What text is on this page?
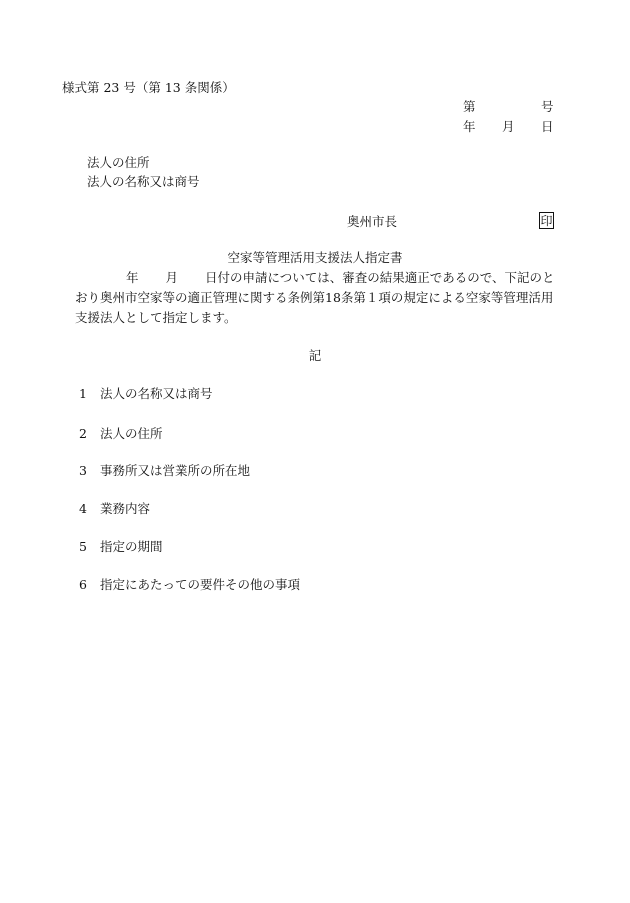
様式第 23 号（第 13 条関係）
第	号
年 月 日
法人の住所
法人の名称又は商号
奥州市長	印
空家等管理活用支援法人指定書
年 月 日付の申請については、審査の結果適正であるので、下記のと
おり奥州市空家等の適正管理に関する条例第18条第１項の規定による空家等管理活用
支援法人として指定します。
記
1 法人の名称又は商号
2 法人の住所
3 事務所又は営業所の所在地
4 業務内容
5 指定の期間
6 指定にあたっての要件その他の事項
